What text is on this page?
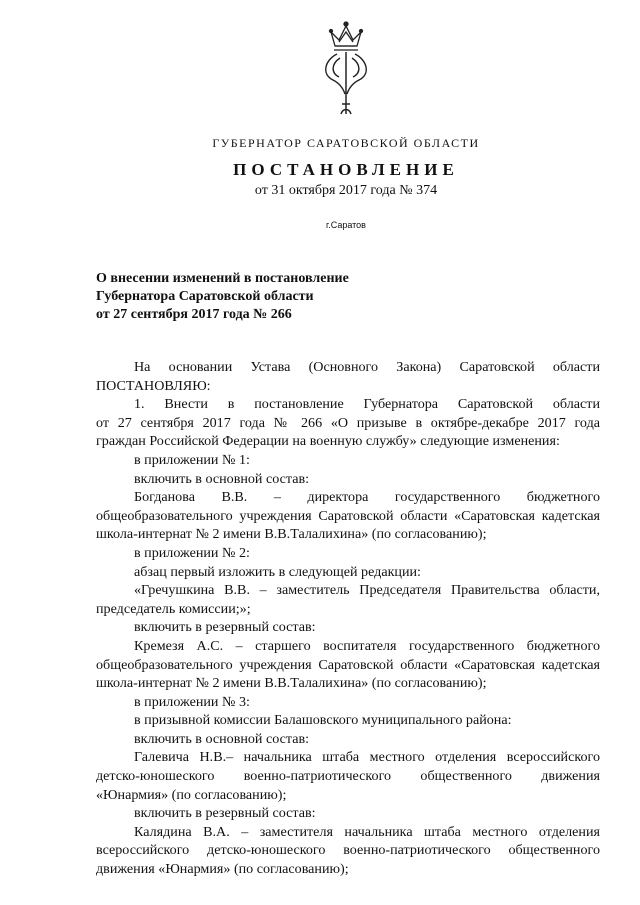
ГУБЕРНАТОР САРАТОВСКОЙ ОБЛАСТИ
ПОСТАНОВЛЕНИЕ
от 31 октября 2017 года № 374
г.Саратов
О внесении изменений в постановление
Губернатора Саратовской области
от 27 сентября 2017 года № 266
На основании Устава (Основного Закона) Саратовской области
ПОСТАНОВЛЯЮ:
1. Внести в постановление Губернатора Саратовской области
от 27 сентября 2017 года № 266 «О призыве в октябре-декабре 2017 года
граждан Российской Федерации на военную службу» следующие изменения:
в приложении № 1:
включить в основной состав:
Богданова В.В. – директора государственного бюджетного
общеобразовательного учреждения Саратовской области «Саратовская кадетская
школа-интернат № 2 имени В.В.Талалихина» (по согласованию);
в приложении № 2:
абзац первый изложить в следующей редакции:
«Гречушкина В.В. – заместитель Председателя Правительства области,
председатель комиссии;»;
включить в резервный состав:
Кремезя А.С. – старшего воспитателя государственного бюджетного
общеобразовательного учреждения Саратовской области «Саратовская кадетская
школа-интернат № 2 имени В.В.Талалихина» (по согласованию);
в приложении № 3:
в призывной комиссии Балашовского муниципального района:
включить в основной состав:
Галевича Н.В.– начальника штаба местного отделения всероссийского
детско-юношеского военно-патриотического общественного движения
«Юнармия» (по согласованию);
включить в резервный состав:
Калядина В.А. – заместителя начальника штаба местного отделения
всероссийского детско-юношеского военно-патриотического общественного
движения «Юнармия» (по согласованию);
